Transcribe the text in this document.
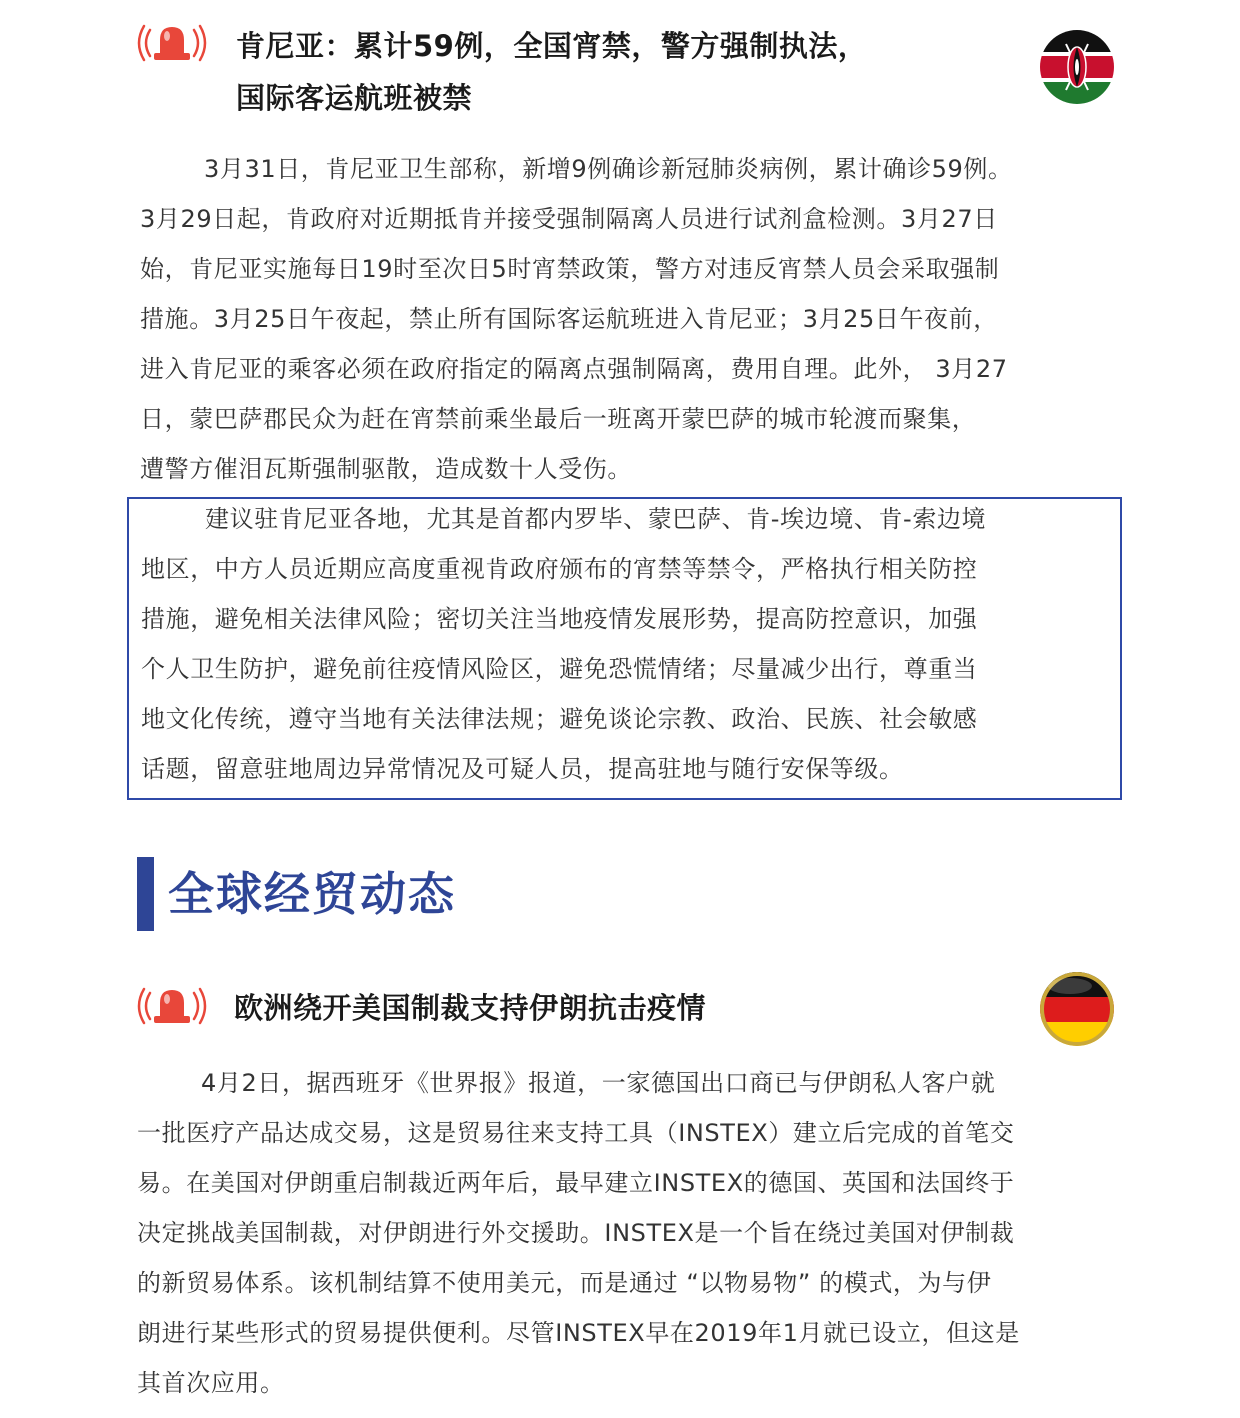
肯尼亚：累计59例，全国宵禁，警方强制执法，
国际客运航班被禁
3月31日，肯尼亚卫生部称，新增9例确诊新冠肺炎病例，累计确诊59例。
3月29日起，肯政府对近期抵肯并接受强制隔离人员进行试剂盒检测。3月27日
始，肯尼亚实施每日19时至次日5时宵禁政策，警方对违反宵禁人员会采取强制
措施。3月25日午夜起，禁止所有国际客运航班进入肯尼亚；3月25日午夜前，
进入肯尼亚的乘客必须在政府指定的隔离点强制隔离，费用自理。此外， 3月27
日，蒙巴萨郡民众为赶在宵禁前乘坐最后一班离开蒙巴萨的城市轮渡而聚集，
遭警方催泪瓦斯强制驱散，造成数十人受伤。
建议驻肯尼亚各地，尤其是首都内罗毕、蒙巴萨、肯-埃边境、肯-索边境
地区，中方人员近期应高度重视肯政府颁布的宵禁等禁令，严格执行相关防控
措施，避免相关法律风险；密切关注当地疫情发展形势，提高防控意识，加强
个人卫生防护，避免前往疫情风险区，避免恐慌情绪；尽量减少出行，尊重当
地文化传统，遵守当地有关法律法规；避免谈论宗教、政治、民族、社会敏感
话题，留意驻地周边异常情况及可疑人员，提高驻地与随行安保等级。
全球经贸动态
欧洲绕开美国制裁支持伊朗抗击疫情
4月2日，据西班牙《世界报》报道，一家德国出口商已与伊朗私人客户就
一批医疗产品达成交易，这是贸易往来支持工具（INSTEX）建立后完成的首笔交
易。在美国对伊朗重启制裁近两年后，最早建立INSTEX的德国、英国和法国终于
决定挑战美国制裁，对伊朗进行外交援助。INSTEX是一个旨在绕过美国对伊制裁
的新贸易体系。该机制结算不使用美元，而是通过 “以物易物” 的模式，为与伊
朗进行某些形式的贸易提供便利。尽管INSTEX早在2019年1月就已设立，但这是
其首次应用。
